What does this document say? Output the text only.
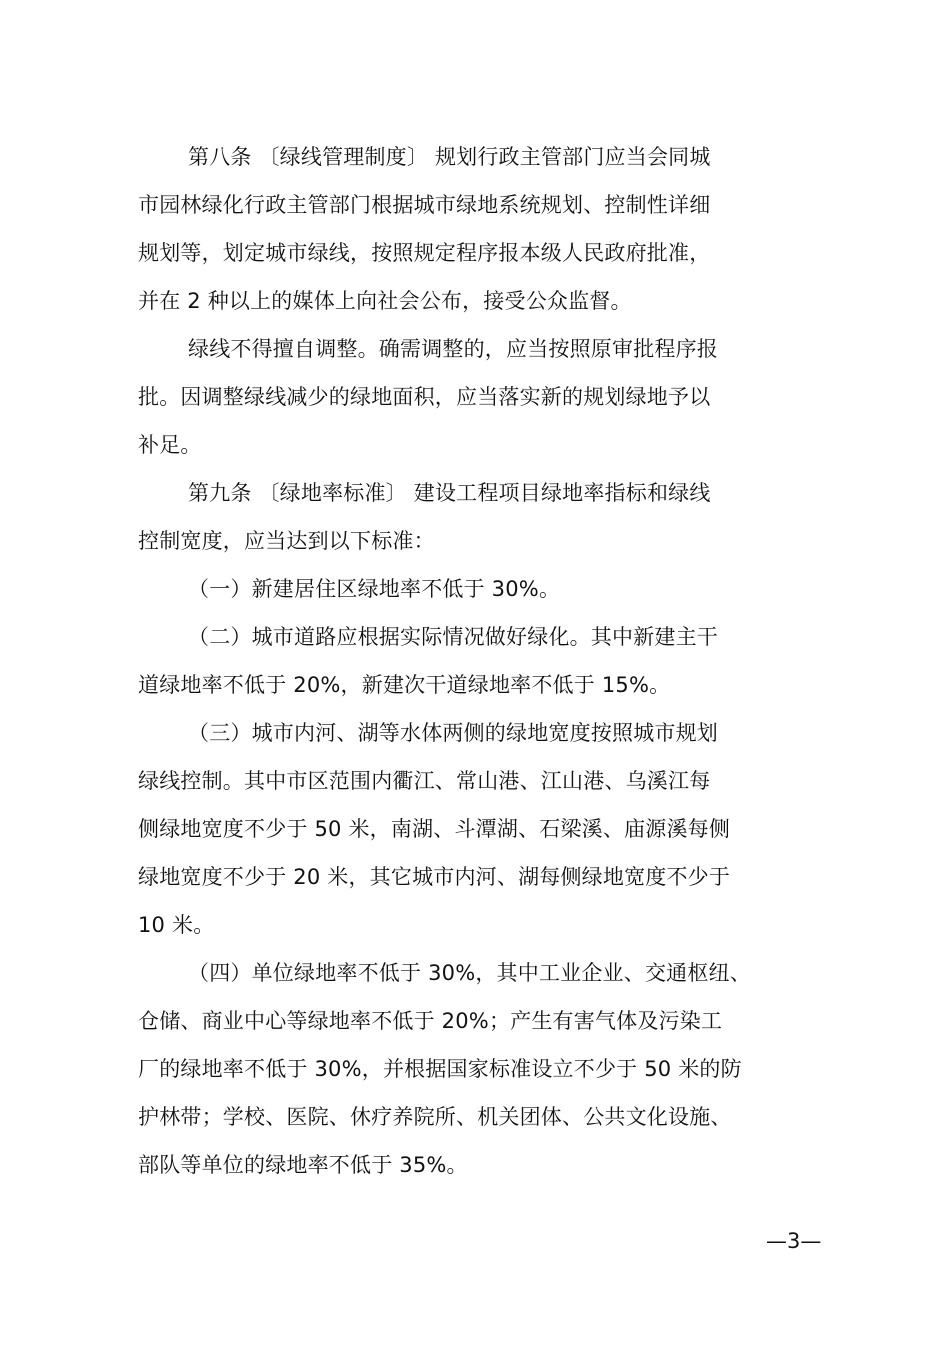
第八条 〔绿线管理制度〕 规划行政主管部门应当会同城
市园林绿化行政主管部门根据城市绿地系统规划、控制性详细
规划等，划定城市绿线，按照规定程序报本级人民政府批准，
并在 2 种以上的媒体上向社会公布，接受公众监督。
绿线不得擅自调整。确需调整的，应当按照原审批程序报
批。因调整绿线减少的绿地面积，应当落实新的规划绿地予以
补足。
第九条 〔绿地率标准〕 建设工程项目绿地率指标和绿线
控制宽度，应当达到以下标准：
（一）新建居住区绿地率不低于 30%。
（二）城市道路应根据实际情况做好绿化。其中新建主干
道绿地率不低于 20%，新建次干道绿地率不低于 15%。
（三）城市内河、湖等水体两侧的绿地宽度按照城市规划
绿线控制。其中市区范围内衢江、常山港、江山港、乌溪江每
侧绿地宽度不少于 50 米，南湖、斗潭湖、石梁溪、庙源溪每侧
绿地宽度不少于 20 米，其它城市内河、湖每侧绿地宽度不少于
10 米。
（四）单位绿地率不低于 30%，其中工业企业、交通枢纽、
仓储、商业中心等绿地率不低于 20%；产生有害气体及污染工
厂的绿地率不低于 30%，并根据国家标准设立不少于 50 米的防
护林带；学校、医院、休疗养院所、机关团体、公共文化设施、
部队等单位的绿地率不低于 35%。
—3—
